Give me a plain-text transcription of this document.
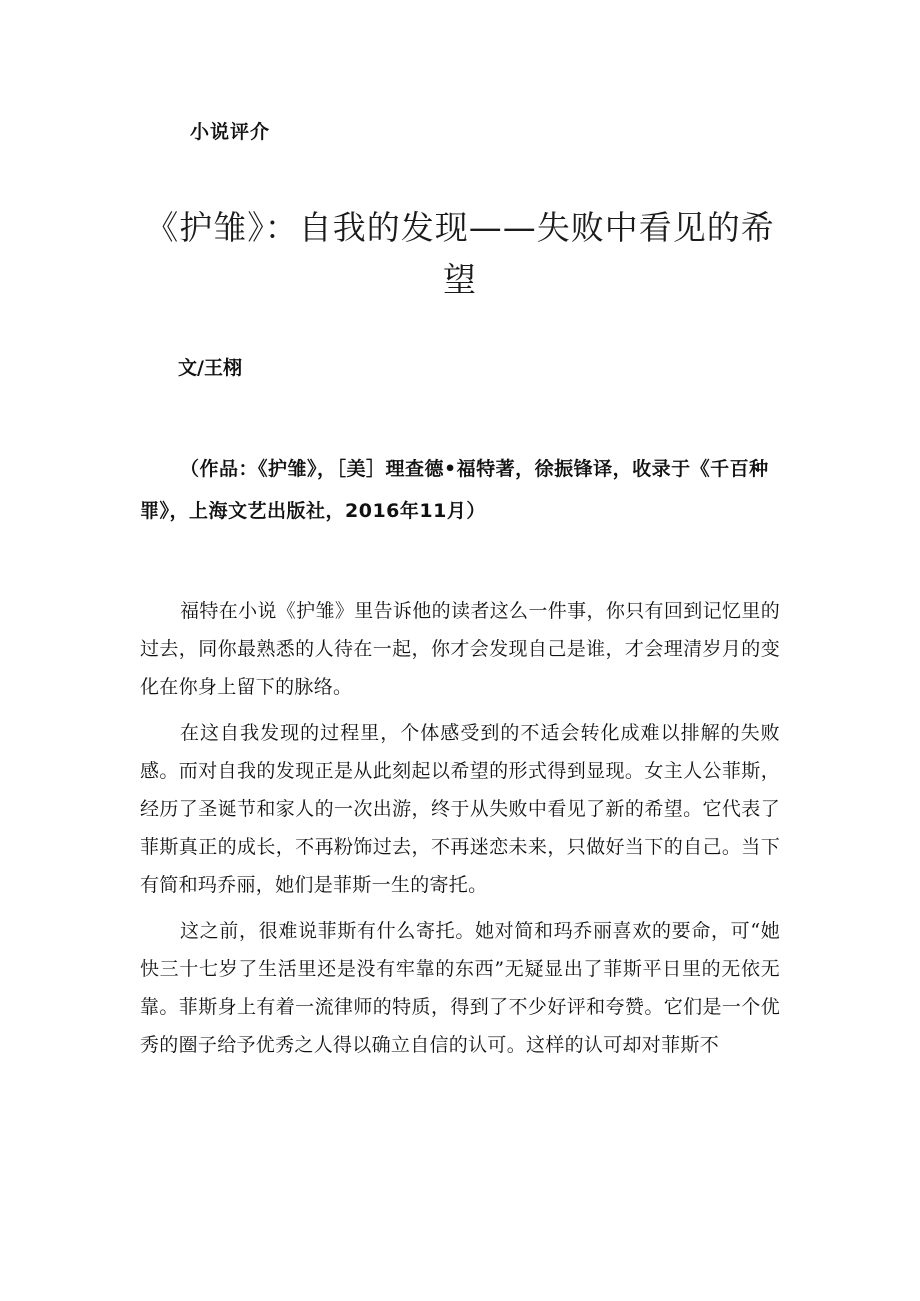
小说评介
《护雏》：自我的发现——失败中看见的希望
文/王栩
（作品：《护雏》，［美］理查德•福特著，徐振锋译，收录于《千百种罪》，上海文艺出版社，2016年11月）

福特在小说《护雏》里告诉他的读者这么一件事，你只有回到记忆里的过去，同你最熟悉的人待在一起，你才会发现自己是谁，才会理清岁月的变化在你身上留下的脉络。

在这自我发现的过程里，个体感受到的不适会转化成难以排解的失败感。而对自我的发现正是从此刻起以希望的形式得到显现。女主人公菲斯，经历了圣诞节和家人的一次出游，终于从失败中看见了新的希望。它代表了菲斯真正的成长，不再粉饰过去，不再迷恋未来，只做好当下的自己。当下有简和玛乔丽，她们是菲斯一生的寄托。

这之前，很难说菲斯有什么寄托。她对简和玛乔丽喜欢的要命，可“她快三十七岁了生活里还是没有牢靠的东西”无疑显出了菲斯平日里的无依无靠。菲斯身上有着一流律师的特质，得到了不少好评和夸赞。它们是一个优秀的圈子给予优秀之人得以确立自信的认可。这样的认可却对菲斯不
